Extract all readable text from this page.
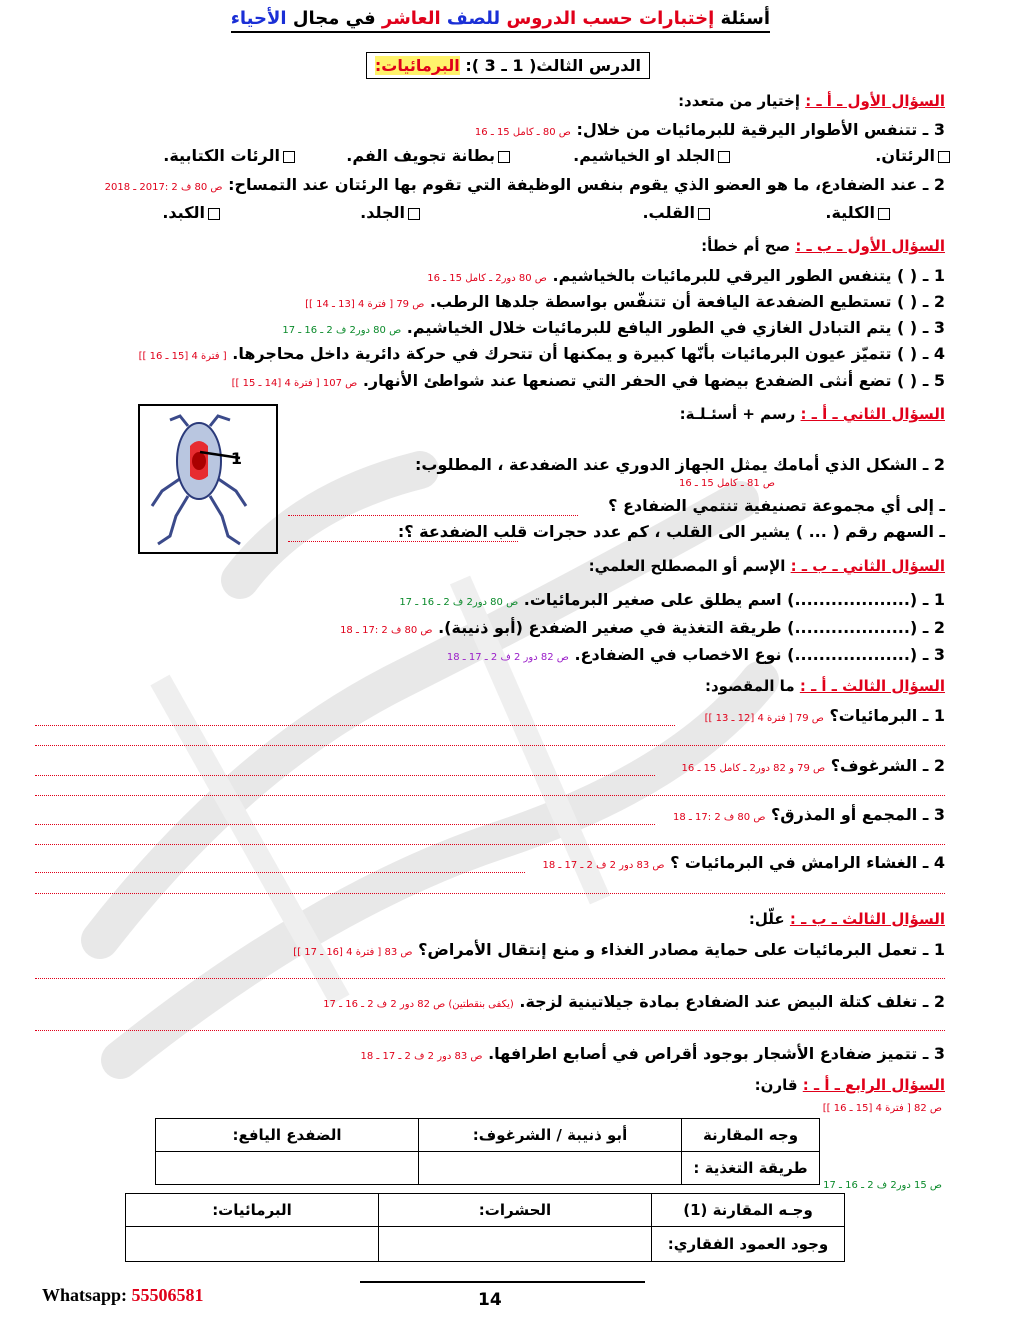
أسئلة إختبارات حسب الدروس للصف العاشر في مجال الأحياء
الدرس الثالث( 1 ـ 3 ): البرمائيات:
السؤال الأول ـ أ ـ : إختيار من متعدد:
3 ـ تتنفس الأطوار اليرقية للبرمائيات من خلال: ص 80 ـ كامل 15 ـ 16
الرئتان.
الجلد او الخياشيم.
بطانة تجويف الفم.
الرئات الكتابية.
2 ـ عند الضفادع، ما هو العضو الذي يقوم بنفس الوظيفة التي تقوم بها الرئتان عند التمساح: ص 80 ف 2 :2017 ـ 2018
الكلية.
القلب.
الجلد.
الكبد.
السؤال الأول ـ ب ـ : صح أم خطأ:
1 ـ ( ) يتنفس الطور اليرقي للبرمائيات بالخياشيم. ص 80 دور2 ـ كامل 15 ـ 16
2 ـ ( ) تستطيع الضفدعة اليافعة أن تتنفّس بواسطة جلدها الرطب. ص 79 [ فترة 4 [13 ـ 14 ]]
3 ـ ( ) يتم التبادل الغازي في الطور اليافع للبرمائيات خلال الخياشيم. ص 80 دور2 ف 2 ـ 16 ـ 17
4 ـ ( ) تتميّز عيون البرمائيات بأنّها كبيرة و يمكنها أن تتحرك في حركة دائرية داخل محاجرها. [ فترة 4 [15 ـ 16 ]]
5 ـ ( ) تضع أنثى الضفدع بيضها في الحفر التي تصنعها عند شواطئ الأنهار. ص 107 [ فترة 4 [14 ـ 15 ]]
السؤال الثاني ـ أ ـ : رسم + أسئـلـة:
1	2 ـ الشكل الذي أمامك يمثل الجهاز الدوري عند الضفدعة ، المطلوب:
ص 81 ـ كامل 15 ـ 16
ـ إلى أي مجموعة تصنيفية تنتمي الضفادع ؟
ـ السهم رقم ( ... ) يشير الى القلب ، كم عدد حجرات قلب الضفدعة ؟:
السؤال الثاني ـ ب ـ : الإسم أو المصطلح العلمي:
1 ـ (...................) اسم يطلق على صغير البرمائيات. ص 80 دور2 ف 2 ـ 16 ـ 17
2 ـ (...................) طريقة التغذية في صغير الضفدع (أبو ذنيبة). ص 80 ف 2 :17 ـ 18
3 ـ (...................) نوع الاخصاب في الضفادع. ص 82 دور 2 ف 2 ـ 17 ـ 18
السؤال الثالث ـ أ ـ : ما المقصود:
1 ـ البرمائيات؟ ص 79 [ فترة 4 [12 ـ 13 ]]
2 ـ الشرغوف؟ ص 79 و 82 دور2 ـ كامل 15 ـ 16
3 ـ المجمع أو المذرق؟ ص 80 ف 2 :17 ـ 18
4 ـ الغشاء الرامش في البرمائيات ؟ ص 83 دور 2 ف 2 ـ 17 ـ 18
السؤال الثالث ـ ب ـ : علّل:
1 ـ تعمل البرمائيات على حماية مصادر الغذاء و منع إنتقال الأمراض؟ ص 83 [ فترة 4 [16 ـ 17 ]]
2 ـ تغلف كتلة البيض عند الضفادع بمادة جيلاتينية لزجة. (يكفى بنقطتين) ص 82 دور 2 ف 2 ـ 16 ـ 17
3 ـ تتميز ضفادع الأشجار بوجود أقراص في أصابع اطرافها. ص 83 دور 2 ف 2 ـ 17 ـ 18
السؤال الرابع ـ أ ـ : قارن:
ص 82 [ فترة 4 [15 ـ 16 ]]
وجه المقارنة	أبو ذنيبة / الشرغوف:	الضفدع اليافع:
طريقة التغذية :		
ص 15 دور2 ف 2 ـ 16 ـ 17
وجـه المقارنة (1)	الحشرات:	البرمائيات:
وجود العمود الفقاري:		
Whatsapp: 55506581	14
